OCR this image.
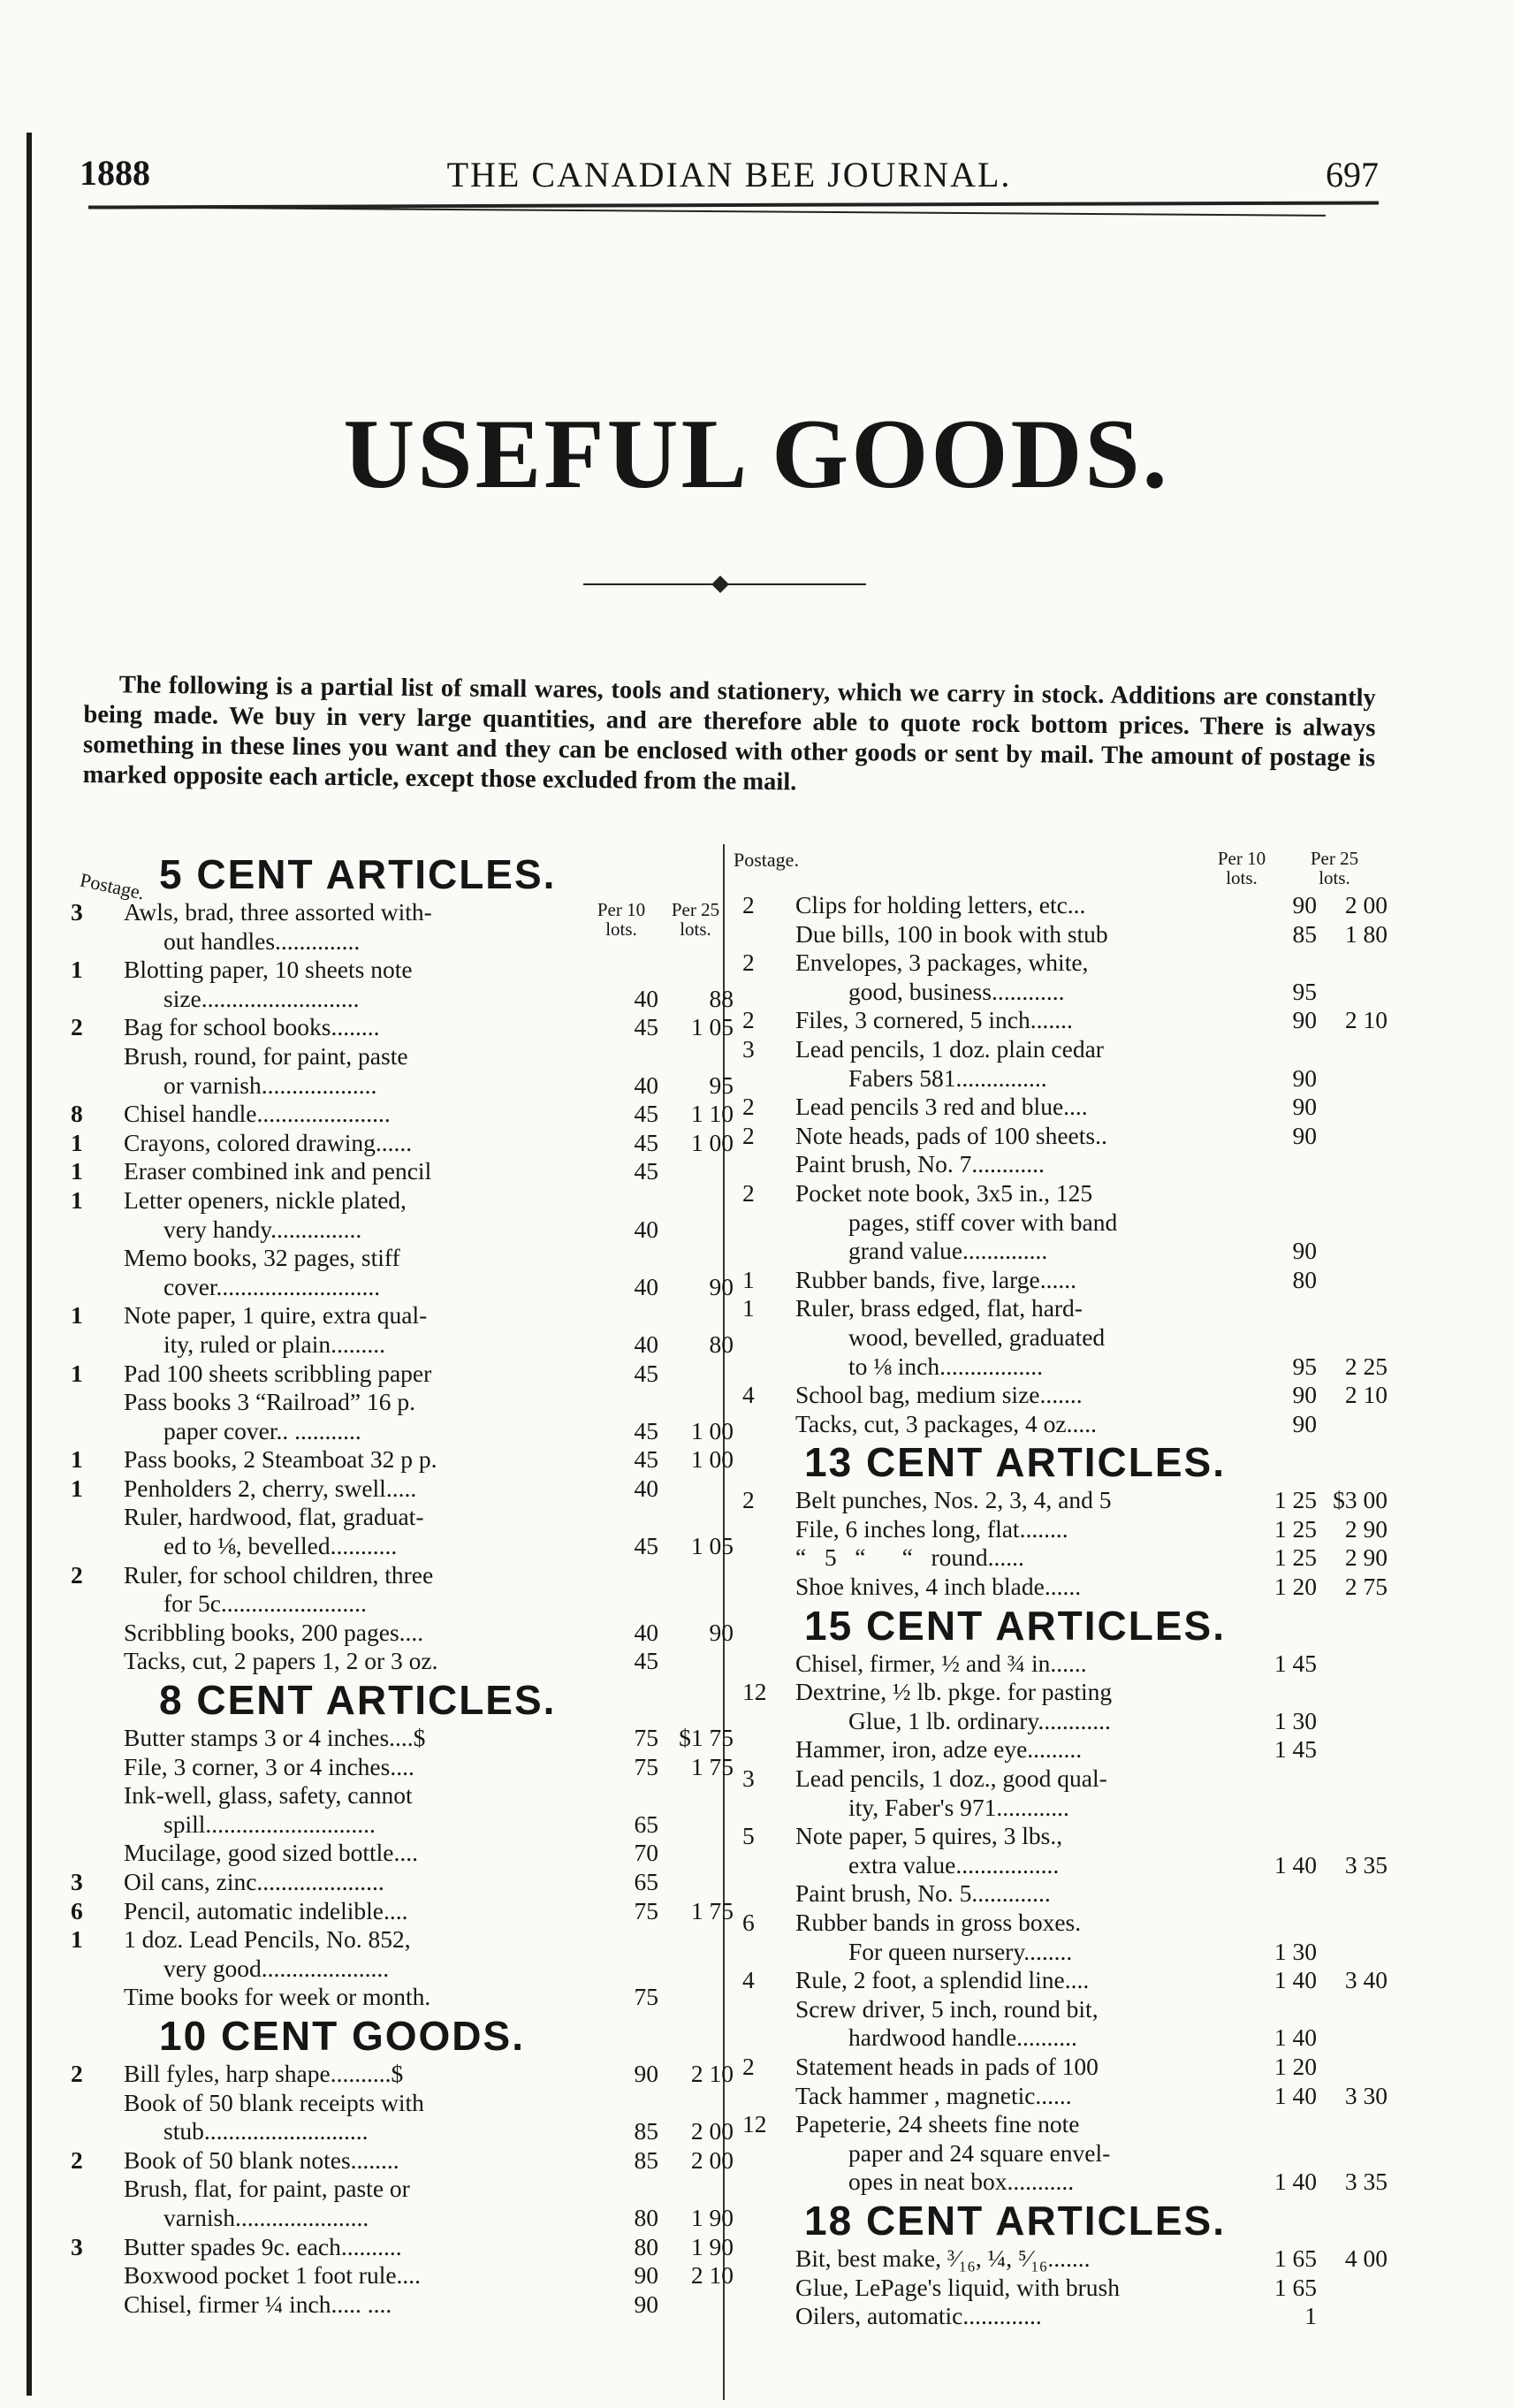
1888	THE CANADIAN BEE JOURNAL.	697
USEFUL GOODS.

The following is a partial list of small wares, tools and stationery, which we carry in stock. Additions are constantly being made. We buy in very large quantities, and are therefore able to quote rock bottom prices. There is always something in these lines you want and they can be enclosed with other goods or sent by mail. The amount of postage is marked opposite each article, except those excluded from the mail.

Postage.
Per 10 lots.
Per 25 lots.
5 CENT ARTICLES.
3	Awls, brad, three assorted with-
out handles..............
1	Blotting paper, 10 sheets note
size..........................	40	88
2	Bag for school books........	45	1 05
Brush, round, for paint, paste
or varnish...................	40	95
8	Chisel handle......................	45	1 10
1	Crayons, colored drawing......	45	1 00
1	Eraser combined ink and pencil	45
1	Letter openers, nickle plated,
very handy...............	40
Memo books, 32 pages, stiff
cover...........................	40	90
1	Note paper, 1 quire, extra qual-
ity, ruled or plain.........	40	80
1	Pad 100 sheets scribbling paper	45
Pass books 3 “Railroad” 16 p.
paper cover.. ...........	45	1 00
1	Pass books, 2 Steamboat 32 p p.	45	1 00
1	Penholders 2, cherry, swell.....	40
Ruler, hardwood, flat, graduat-
ed to ⅛, bevelled...........	45	1 05
2	Ruler, for school children, three
for 5c........................
Scribbling books, 200 pages....	40	90
Tacks, cut, 2 papers 1, 2 or 3 oz.	45
8 CENT ARTICLES.
Butter stamps 3 or 4 inches....$	75 $1 75
File, 3 corner, 3 or 4 inches....	75	1 75
Ink-well, glass, safety, cannot
spill............................	65
Mucilage, good sized bottle....	70
3	Oil cans, zinc.....................	65
6	Pencil, automatic indelible....	75	1 75
1	1 doz. Lead Pencils, No. 852,
very good.....................
Time books for week or month.	75
10 CENT GOODS.
2	Bill fyles, harp shape..........$	90	2 10
Book of 50 blank receipts with
stub...........................	85	2 00
2	Book of 50 blank notes........	85	2 00
Brush, flat, for paint, paste or
varnish......................	80	1 90
3	Butter spades 9c. each..........	80	1 90
Boxwood pocket 1 foot rule....	90	2 10
Chisel, firmer ¼ inch..... ....	90
Postage.	Per 10 lots.
Per 25 lots.
2	Clips for holding letters, etc...	90	2 00
Due bills, 100 in book with stub	85	1 80
2	Envelopes, 3 packages, white,
good, business............	95
2	Files, 3 cornered, 5 inch.......	90	2 10
3	Lead pencils, 1 doz. plain cedar
Fabers 581...............	90
2	Lead pencils 3 red and blue....	90
2	Note heads, pads of 100 sheets..	90
Paint brush, No. 7............
2	Pocket note book, 3x5 in., 125
pages, stiff cover with band
grand value..............	90
1	Rubber bands, five, large......	80
1	Ruler, brass edged, flat, hard-
wood, bevelled, graduated
to ⅛ inch.................	95	2 25
4	School bag, medium size.......	90	2 10
Tacks, cut, 3 packages, 4 oz.....	90
13 CENT ARTICLES.
2	Belt punches, Nos. 2, 3, 4, and 5	1 25 $3 00
File, 6 inches long, flat........	1 25	2 90
“   5   “      “   round......	1 25	2 90
Shoe knives, 4 inch blade......	1 20	2 75
15 CENT ARTICLES.
Chisel, firmer, ½ and ¾ in......	1 45
12	Dextrine, ½ lb. pkge. for pasting
Glue, 1 lb. ordinary............	1 30
Hammer, iron, adze eye.........	1 45
3	Lead pencils, 1 doz., good qual-
ity, Faber's 971............
5	Note paper, 5 quires, 3 lbs.,
extra value.................	1 40	3 35
Paint brush, No. 5.............
6	Rubber bands in gross boxes.
For queen nursery........	1 30
4	Rule, 2 foot, a splendid line....	1 40	3 40
Screw driver, 5 inch, round bit,
hardwood handle..........	1 40
2	Statement heads in pads of 100	1 20
Tack hammer , magnetic......	1 40	3 30
12	Papeterie, 24 sheets fine note
paper and 24 square envel-
opes in neat box...........	1 40	3 35
18 CENT ARTICLES.
Bit, best make, ³⁄₁₆, ¼, ⁵⁄₁₆.......	1 65	4 00
Glue, LePage's liquid, with brush	1 65
Oilers, automatic.............	1
